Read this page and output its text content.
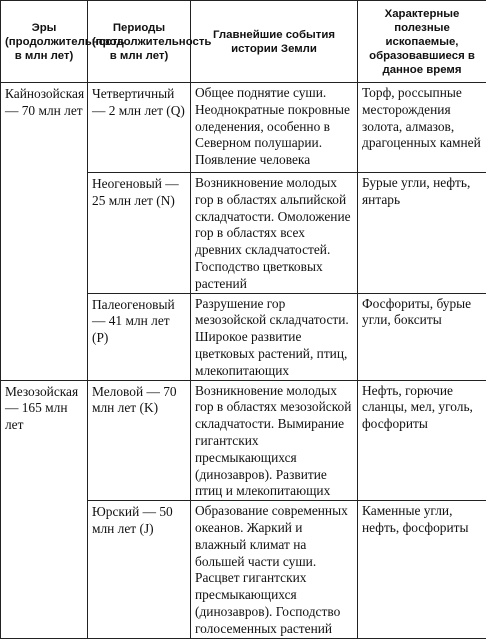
Эры (продолжительность в млн лет)	Периоды (продолжительность в млн лет)	Главнейшие события истории Земли	Характерные полезные ископаемые, образовавшиеся в данное время
Кайнозойская — 70 млн лет	Четвертичный — 2 млн лет (Q)	Общее поднятие суши. Неоднократные покровные оледенения, особенно в Северном полушарии. Появление человека	Торф, россыпные месторождения золота, алмазов, драгоценных камней
	Неогеновый — 25 млн лет (N)	Возникновение молодых гор в областях альпийской складчатости. Омоложение гор в областях всех древних складчатостей. Господство цветковых растений	Бурые угли, нефть, янтарь
	Палеогеновый — 41 млн лет (P)	Разрушение гор мезозойской складчатости. Широкое развитие цветковых растений, птиц, млекопитающих	Фосфориты, бурые угли, бокситы
Мезозойская — 165 млн лет	Меловой — 70 млн лет (K)	Возникновение молодых гор в областях мезозойской складчатости. Вымирание гигантских пресмыкающихся (динозавров). Развитие птиц и млекопитающих	Нефть, горючие сланцы, мел, уголь, фосфориты
	Юрский — 50 млн лет (J)	Образование современных океанов. Жаркий и влажный климат на большей части суши. Расцвет гигантских пресмыкающихся (динозавров). Господство голосеменных растений	Каменные угли, нефть, фосфориты
